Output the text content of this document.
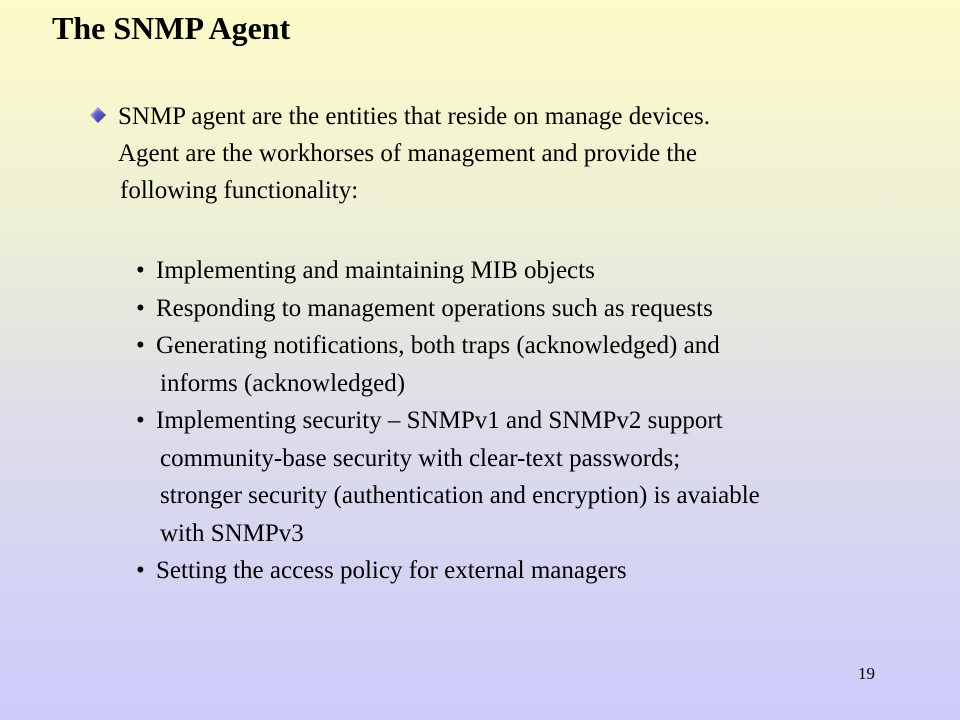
The SNMP Agent
SNMP agent are the entities that reside on manage devices.
Agent are the workhorses of management and provide the
following functionality:
• Implementing and maintaining MIB objects
• Responding to management operations such as requests
• Generating notifications, both traps (acknowledged) and
informs (acknowledged)
• Implementing security – SNMPv1 and SNMPv2 support
community-base security with clear-text passwords;
stronger security (authentication and encryption) is avaiable
with SNMPv3
• Setting the access policy for external managers
19
